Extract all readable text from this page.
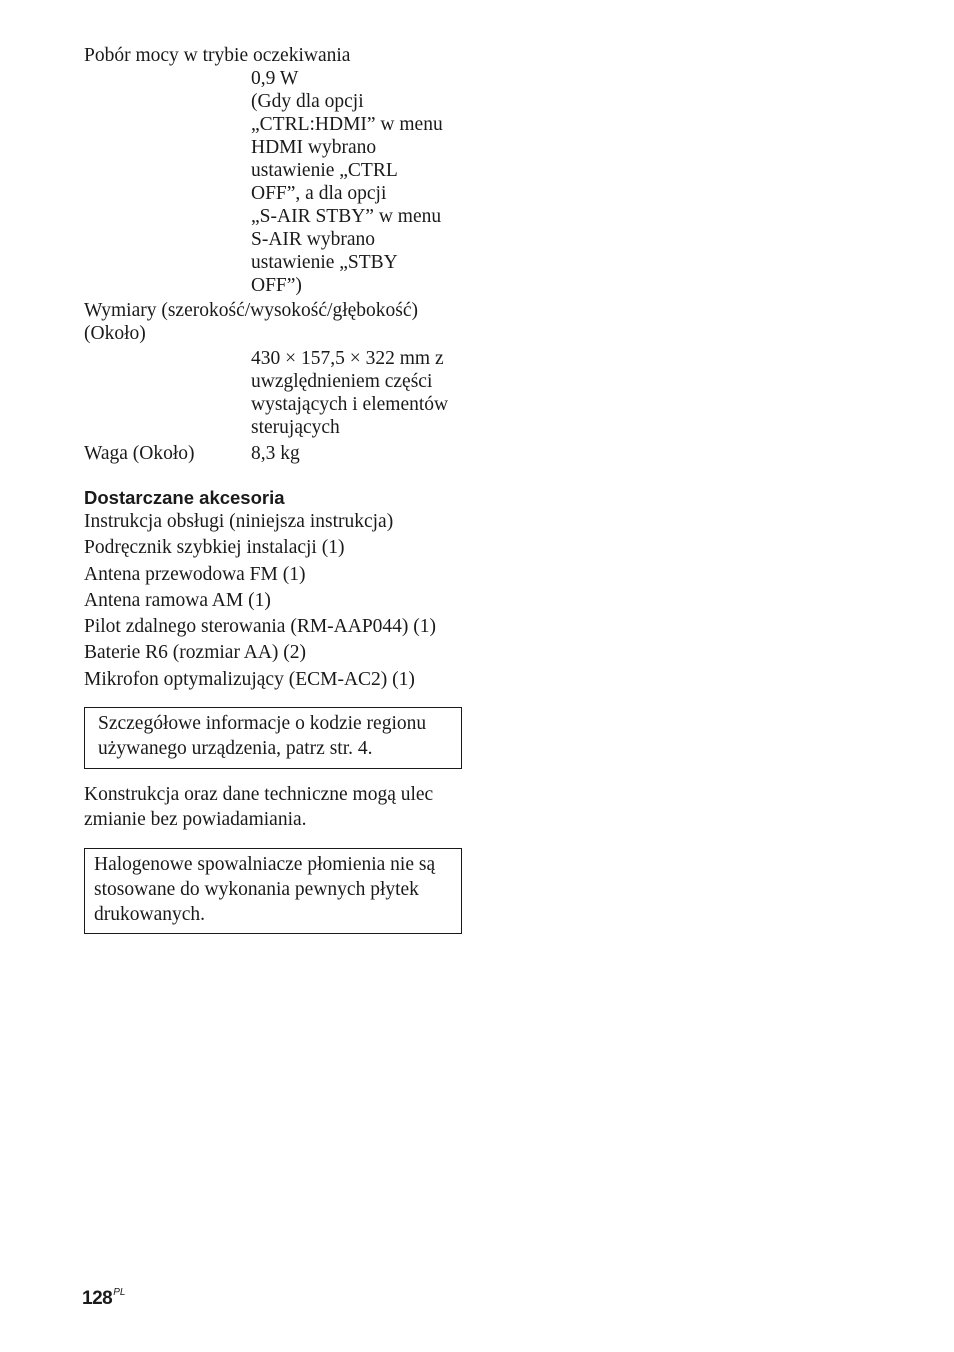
Pobór mocy w trybie oczekiwania
0,9 W
(Gdy dla opcji
„CTRL:HDMI” w menu
HDMI wybrano
ustawienie „CTRL
OFF”, a dla opcji
„S-AIR STBY” w menu
S-AIR wybrano
ustawienie „STBY
OFF”)
Wymiary (szerokość/wysokość/głębokość)
(Około)
430 × 157,5 × 322 mm z
uwzględnieniem części
wystających i elementów
sterujących
Waga (Około)	8,3 kg
Dostarczane akcesoria
Instrukcja obsługi (niniejsza instrukcja)
Podręcznik szybkiej instalacji (1)
Antena przewodowa FM (1)
Antena ramowa AM (1)
Pilot zdalnego sterowania (RM-AAP044) (1)
Baterie R6 (rozmiar AA) (2)
Mikrofon optymalizujący (ECM-AC2) (1)
Szczegółowe informacje o kodzie regionu używanego urządzenia, patrz str. 4.
Konstrukcja oraz dane techniczne mogą ulec zmianie bez powiadamiania.
Halogenowe spowalniacze płomienia nie są stosowane do wykonania pewnych płytek drukowanych.
$128^{PL}$
